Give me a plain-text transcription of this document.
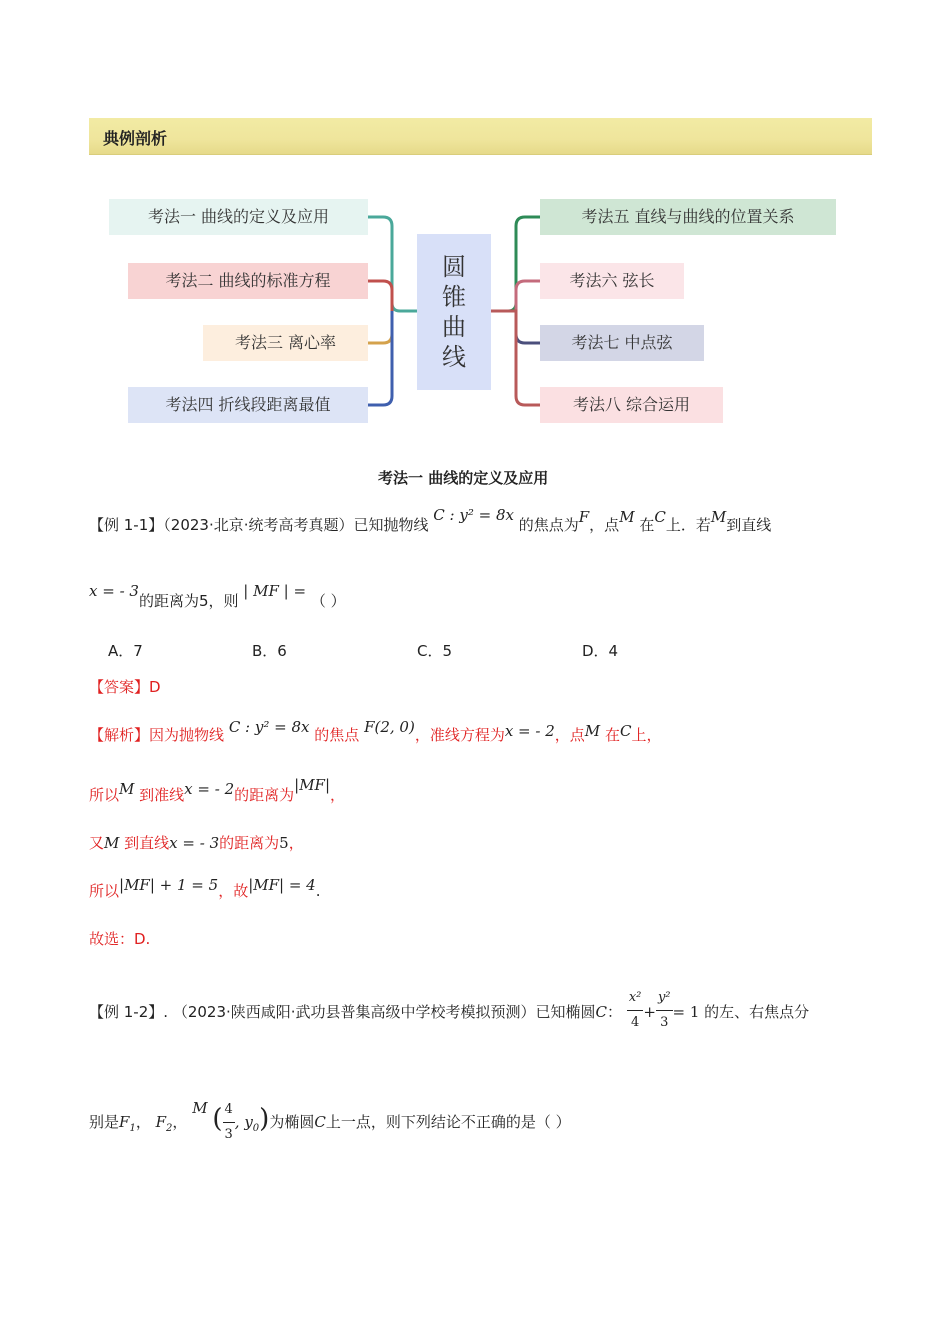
典例剖析
考法一 曲线的定义及应用
考法二 曲线的标准方程
考法三 离心率
考法四 折线段距离最值
圆
锥
曲
线
考法五 直线与曲线的位置关系
考法六 弦长
考法七 中点弦
考法八 综合运用
考法一 曲线的定义及应用
【例 1-1】（2023·北京·统考高考真题）已知抛物线 C : y² = 8x 的焦点为F，点M 在C上．若M到直线
x = - 3的距离为5，则 | MF | = （ ）
A．7	B．6	C．5	D．4
【答案】D
【解析】因为抛物线 C : y² = 8x 的焦点 F(2, 0)，准线方程为x = - 2，点M 在C上，
所以M 到准线x = - 2的距离为|MF|，
又M 到直线x = - 3的距离为5，
所以|MF| + 1 = 5，故|MF| = 4.
故选：D.
【例 1-2】. （2023·陕西咸阳·武功县普集高级中学校考模拟预测）已知椭圆C： $\frac{\text{x²}}{4} + \frac{\text{y²}}{3} = 1$ 的左、右焦点分
别是$F_1$， $F_2$， M ( $\frac{4}{3}$ , $y_0$)为椭圆C上一点，则下列结论不正确的是（ ）
